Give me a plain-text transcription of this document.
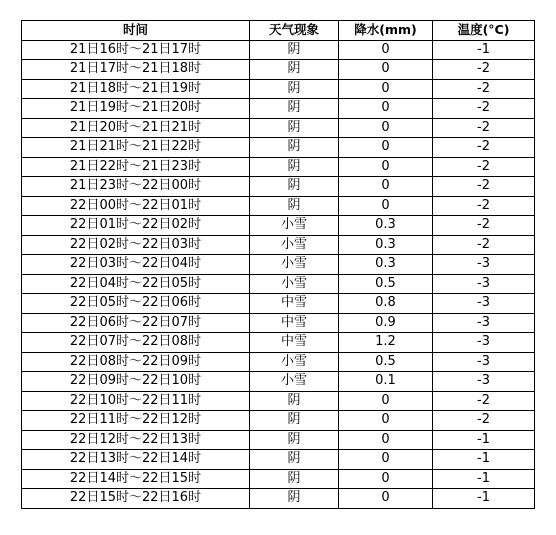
时间	天气现象	降水(mm)	温度(°C)
21日16时～21日17时	阴	0	-1
21日17时～21日18时	阴	0	-2
21日18时～21日19时	阴	0	-2
21日19时～21日20时	阴	0	-2
21日20时～21日21时	阴	0	-2
21日21时～21日22时	阴	0	-2
21日22时～21日23时	阴	0	-2
21日23时～22日00时	阴	0	-2
22日00时～22日01时	阴	0	-2
22日01时～22日02时	小雪	0.3	-2
22日02时～22日03时	小雪	0.3	-2
22日03时～22日04时	小雪	0.3	-3
22日04时～22日05时	小雪	0.5	-3
22日05时～22日06时	中雪	0.8	-3
22日06时～22日07时	中雪	0.9	-3
22日07时～22日08时	中雪	1.2	-3
22日08时～22日09时	小雪	0.5	-3
22日09时～22日10时	小雪	0.1	-3
22日10时～22日11时	阴	0	-2
22日11时～22日12时	阴	0	-2
22日12时～22日13时	阴	0	-1
22日13时～22日14时	阴	0	-1
22日14时～22日15时	阴	0	-1
22日15时～22日16时	阴	0	-1
